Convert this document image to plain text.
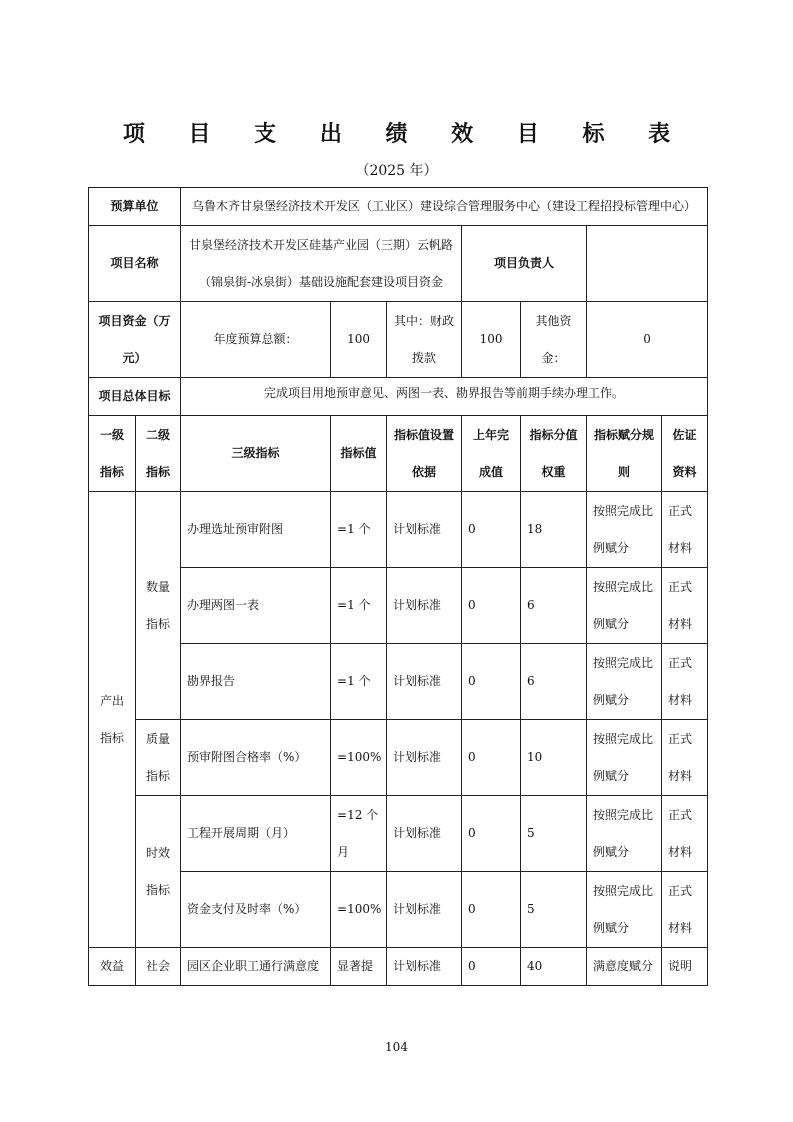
项 目 支 出 绩 效 目 标 表
（2025 年）
预算单位		乌鲁木齐甘泉堡经济技术开发区（工业区）建设综合管理服务中心（建设工程招投标管理中心）						
项目名称		甘泉堡经济技术开发区硅基产业园（三期）云帆路（锦泉街-冰泉街）基础设施配套建设项目资金			项目负责人			
项目资金（万元）		年度预算总额：	100	其中：财政拨款	100	其他资金：	0	
项目总体目标		完成项目用地预审意见、两图一表、勘界报告等前期手续办理工作。						
一级指标	二级指标	三级指标	指标值	指标值设置依据	上年完成值	指标分值权重	指标赋分规则	佐证资料
产出指标	数量指标	办理选址预审附图	=1 个	计划标准	0	18	按照完成比例赋分	正式材料
		办理两图一表	=1 个	计划标准	0	6	按照完成比例赋分	正式材料
		勘界报告	=1 个	计划标准	0	6	按照完成比例赋分	正式材料
	质量指标	预审附图合格率（%）	=100%	计划标准	0	10	按照完成比例赋分	正式材料
	时效指标	工程开展周期（月）	=12 个月	计划标准	0	5	按照完成比例赋分	正式材料
		资金支付及时率（%）	=100%	计划标准	0	5	按照完成比例赋分	正式材料
效益	社会	园区企业职工通行满意度	显著提	计划标准	0	40	满意度赋分	说明
104
